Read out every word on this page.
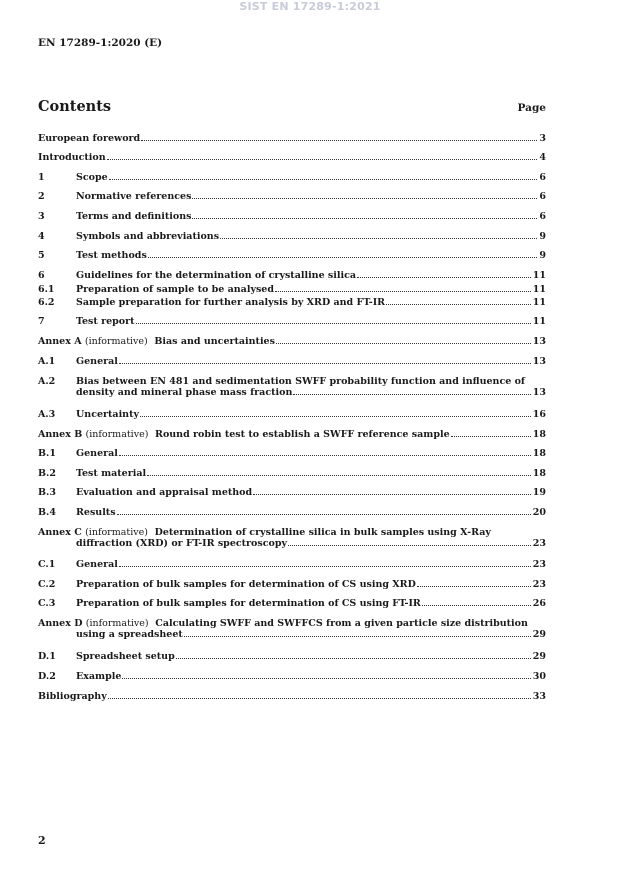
SIST EN 17289-1:2021
EN 17289-1:2020 (E)
Contents	Page
European foreword	3
Introduction	4
1	Scope	6
2	Normative references	6
3	Terms and definitions	6
4	Symbols and abbreviations	9
5	Test methods	9
6	Guidelines for the determination of crystalline silica	11
6.1	Preparation of sample to be analysed	11
6.2	Sample preparation for further analysis by XRD and FT-IR	11
7	Test report	11
Annex A (informative) Bias and uncertainties	13
A.1	General	13
A.2	Bias between EN 481 and sedimentation SWFF probability function and influence of
density and mineral phase mass fraction	13
A.3	Uncertainty	16
Annex B (informative) Round robin test to establish a SWFF reference sample	18
B.1	General	18
B.2	Test material	18
B.3	Evaluation and appraisal method	19
B.4	Results	20
Annex C (informative) Determination of crystalline silica in bulk samples using X-Ray
diffraction (XRD) or FT-IR spectroscopy	23
C.1	General	23
C.2	Preparation of bulk samples for determination of CS using XRD	23
C.3	Preparation of bulk samples for determination of CS using FT-IR	26
Annex D (informative) Calculating SWFF and SWFFCS from a given particle size distribution
using a spreadsheet	29
D.1	Spreadsheet setup	29
D.2	Example	30
Bibliography	33
2
